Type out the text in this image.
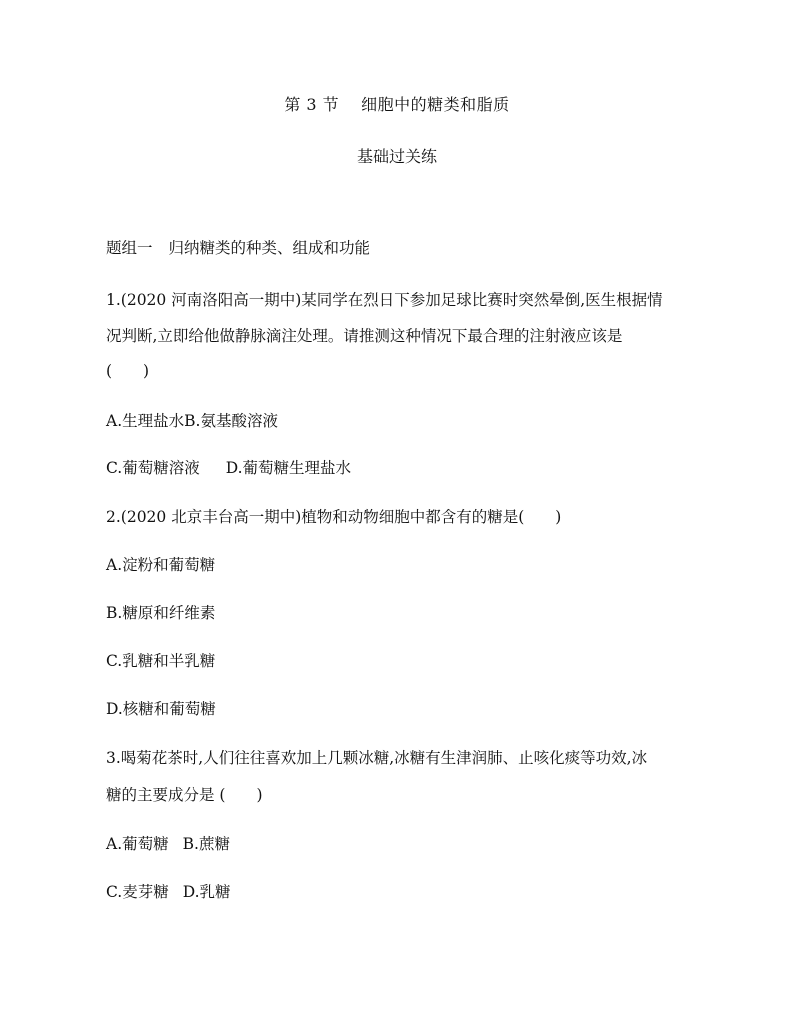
第 3 节 细胞中的糖类和脂质
基础过关练
题组一 归纳糖类的种类、组成和功能
1.(2020 河南洛阳高一期中)某同学在烈日下参加足球比赛时突然晕倒,医生根据情
况判断,立即给他做静脉滴注处理。请推测这种情况下最合理的注射液应该是
(　　)
A.生理盐水B.氨基酸溶液
C.葡萄糖溶液 D.葡萄糖生理盐水
2.(2020 北京丰台高一期中)植物和动物细胞中都含有的糖是(　　)
A.淀粉和葡萄糖
B.糖原和纤维素
C.乳糖和半乳糖
D.核糖和葡萄糖
3.喝菊花茶时,人们往往喜欢加上几颗冰糖,冰糖有生津润肺、止咳化痰等功效,冰
糖的主要成分是 (　　)
A.葡萄糖 B.蔗糖
C.麦芽糖 D.乳糖
